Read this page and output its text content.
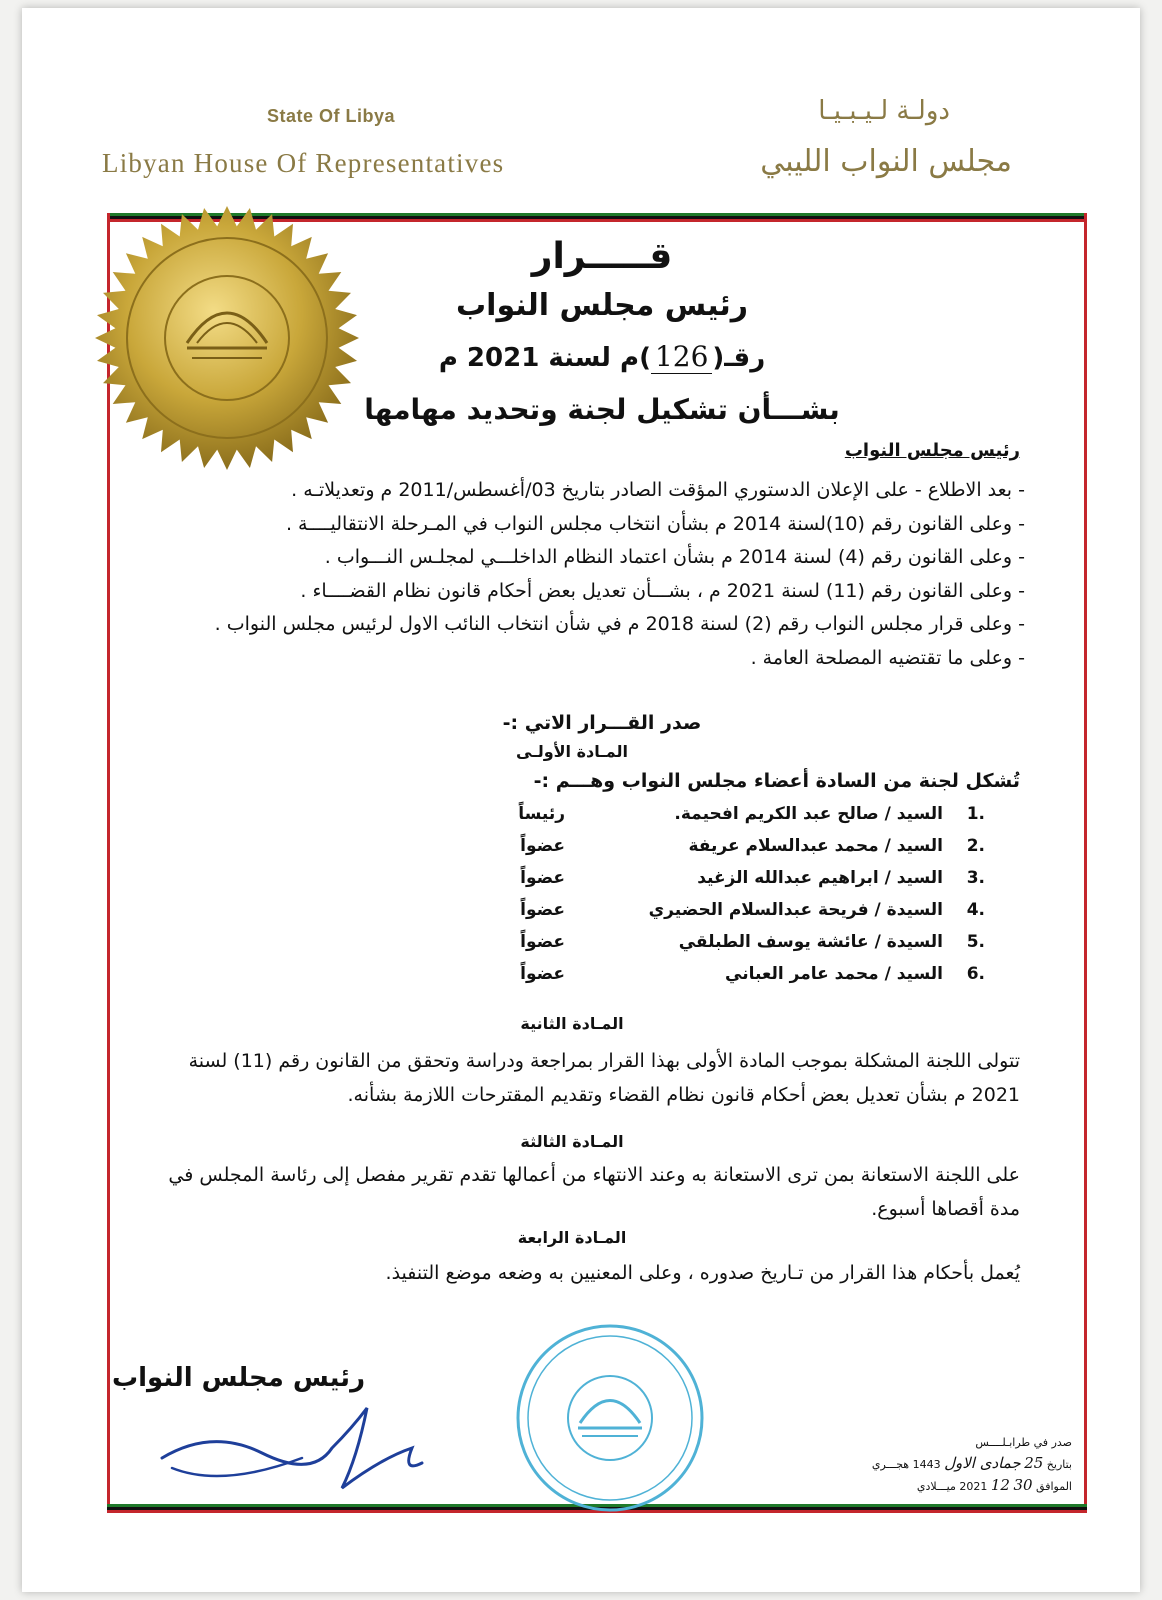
State Of Libya
Libyan House Of Representatives
دولـة لـيـبـيـا
مجلس النواب الليبي
قـــــرار
رئيس مجلس النواب
رقـ(126)م لسنة 2021 م
بشـــأن تشكيل لجنة وتحديد مهامها
رئيس مجلس النواب
- بعد الاطلاع - على الإعلان الدستوري المؤقت الصادر بتاريخ 03/أغسطس/2011 م وتعديلاتـه .
- وعلى القانون رقم (10)لسنة 2014 م بشأن انتخاب مجلس النواب في المـرحلة الانتقاليــــة .
- وعلى القانون رقم (4) لسنة 2014 م بشأن اعتماد النظام الداخلـــي لمجلـس النـــواب .
- وعلى القانون رقم (11) لسنة 2021 م ، بشـــأن تعديل بعض أحكام قانون نظام القضــــاء .
- وعلى قرار مجلس النواب رقم (2) لسنة 2018 م في شأن انتخاب النائب الاول لرئيس مجلس النواب .
- وعلى ما تقتضيه المصلحة العامة .
صدر القـــرار الاتي :-
المـادة الأولـى
تُشكل لجنة من السادة أعضاء مجلس النواب وهـــم :-
1.
السيد / صالح عبد الكريم افحيمة.
رئيساً
2.
السيد / محمد عبدالسلام عريفة
عضواً
3.
السيد / ابراهيم عبدالله الزغيد
عضواً
4.
السيدة / فريحة عبدالسلام الحضيري
عضواً
5.
السيدة / عائشة يوسف الطبلقي
عضواً
6.
السيد / محمد عامر العباني
عضواً
المـادة الثانية
تتولى اللجنة المشكلة بموجب المادة الأولى بهذا القرار بمراجعة ودراسة وتحقق من القانون رقم (11) لسنة 2021 م بشأن تعديل بعض أحكام قانون نظام القضاء وتقديم المقترحات اللازمة بشأنه.
المـادة الثالثة
على اللجنة الاستعانة بمن ترى الاستعانة به وعند الانتهاء من أعمالها تقدم تقرير مفصل إلى رئاسة المجلس في مدة أقصاها أسبوع.
المـادة الرابعة
يُعمل بأحكام هذا القرار من تـاريخ صدوره ، وعلى المعنيين به وضعه موضع التنفيذ.
رئيس مجلس النواب
صدر في طرابـلــــس
بتاريخ 25 جمادى الاول 1443 هجـــري
الموافق 30 12 2021 ميـــلادي
